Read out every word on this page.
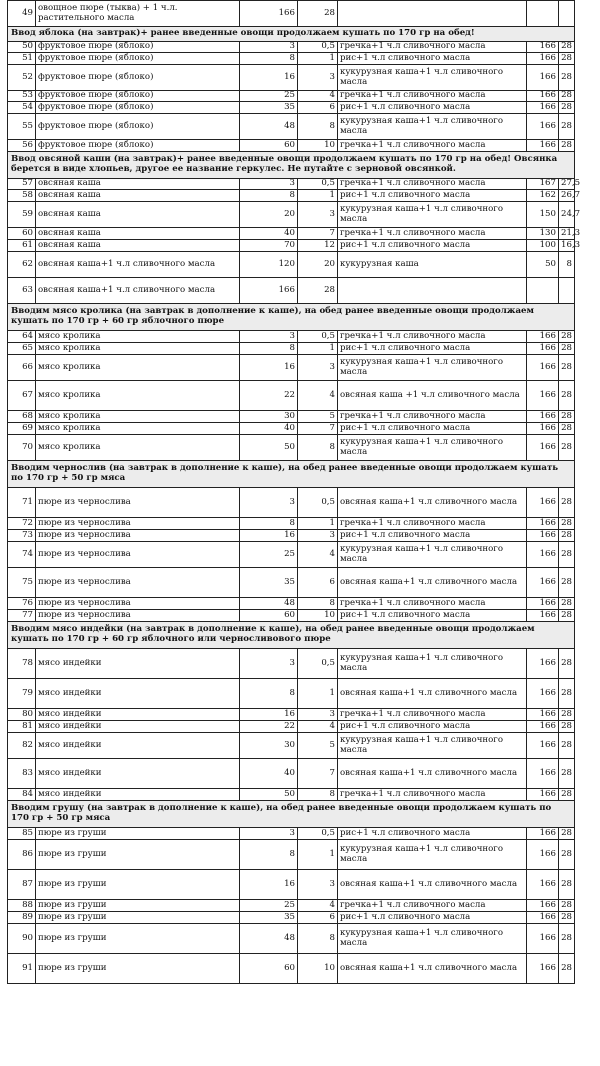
49	овощное пюре (тыква) + 1 ч.л. растительного масла	166	28			
Ввод яблока (на завтрак)+ ранее введенные овощи продолжаем кушать по 170 гр на обед!						
50	фруктовое пюре (яблоко)	3	0,5	гречка+1 ч.л сливочного масла	166	28
51	фруктовое пюре (яблоко)	8	1	рис+1 ч.л сливочного масла	166	28
52	фруктовое пюре (яблоко)	16	3	кукурузная каша+1 ч.л сливочного масла	166	28
53	фруктовое пюре (яблоко)	25	4	гречка+1 ч.л сливочного масла	166	28
54	фруктовое пюре (яблоко)	35	6	рис+1 ч.л сливочного масла	166	28
55	фруктовое пюре (яблоко)	48	8	кукурузная каша+1 ч.л сливочного масла	166	28
56	фруктовое пюре (яблоко)	60	10	гречка+1 ч.л сливочного масла	166	28
Ввод овсяной каши (на завтрак)+ ранее введенные овощи продолжаем кушать по 170 гр на обед! Овсянка берется в виде хлопьев, другое ее название геркулес. Не путайте с зерновой овсянкой.						
57	овсяная каша	3	0,5	гречка+1 ч.л сливочного масла	167	27,5
58	овсяная каша	8	1	рис+1 ч.л сливочного масла	162	26,7
59	овсяная каша	20	3	кукурузная каша+1 ч.л сливочного масла	150	24,7
60	овсяная каша	40	7	гречка+1 ч.л сливочного масла	130	21,3
61	овсяная каша	70	12	рис+1 ч.л сливочного масла	100	16,3
62	овсяная каша+1 ч.л сливочного масла	120	20	кукурузная каша	50	8
63	овсяная каша+1 ч.л сливочного масла	166	28			
Вводим мясо кролика (на завтрак в дополнение к каше), на обед ранее введенные овощи продолжаем кушать по 170 гр + 60 гр яблочного пюре						
64	мясо кролика	3	0,5	гречка+1 ч.л сливочного масла	166	28
65	мясо кролика	8	1	рис+1 ч.л сливочного масла	166	28
66	мясо кролика	16	3	кукурузная каша+1 ч.л сливочного масла	166	28
67	мясо кролика	22	4	овсяная каша +1 ч.л сливочного масла	166	28
68	мясо кролика	30	5	гречка+1 ч.л сливочного масла	166	28
69	мясо кролика	40	7	рис+1 ч.л сливочного масла	166	28
70	мясо кролика	50	8	кукурузная каша+1 ч.л сливочного масла	166	28
Вводим чернослив (на завтрак в дополнение к каше), на обед ранее введенные овощи продолжаем кушать по 170 гр + 50 гр мяса						
71	пюре из чернослива	3	0,5	овсяная каша+1 ч.л сливочного масла	166	28
72	пюре из чернослива	8	1	гречка+1 ч.л сливочного масла	166	28
73	пюре из чернослива	16	3	рис+1 ч.л сливочного масла	166	28
74	пюре из чернослива	25	4	кукурузная каша+1 ч.л сливочного масла	166	28
75	пюре из чернослива	35	6	овсяная каша+1 ч.л сливочного масла	166	28
76	пюре из чернослива	48	8	гречка+1 ч.л сливочного масла	166	28
77	пюре из чернослива	60	10	рис+1 ч.л сливочного масла	166	28
Вводим мясо индейки (на завтрак в дополнение к каше), на обед ранее введенные овощи продолжаем кушать по 170 гр + 60 гр яблочного или черносливового пюре						
78	мясо индейки	3	0,5	кукурузная каша+1 ч.л сливочного масла	166	28
79	мясо индейки	8	1	овсяная каша+1 ч.л сливочного масла	166	28
80	мясо индейки	16	3	гречка+1 ч.л сливочного масла	166	28
81	мясо индейки	22	4	рис+1 ч.л сливочного масла	166	28
82	мясо индейки	30	5	кукурузная каша+1 ч.л сливочного масла	166	28
83	мясо индейки	40	7	овсяная каша+1 ч.л сливочного масла	166	28
84	мясо индейки	50	8	гречка+1 ч.л сливочного масла	166	28
Вводим грушу (на завтрак в дополнение к каше), на обед ранее введенные овощи продолжаем кушать по 170 гр + 50 гр мяса						
85	пюре из груши	3	0,5	рис+1 ч.л сливочного масла	166	28
86	пюре из груши	8	1	кукурузная каша+1 ч.л сливочного масла	166	28
87	пюре из груши	16	3	овсяная каша+1 ч.л сливочного масла	166	28
88	пюре из груши	25	4	гречка+1 ч.л сливочного масла	166	28
89	пюре из груши	35	6	рис+1 ч.л сливочного масла	166	28
90	пюре из груши	48	8	кукурузная каша+1 ч.л сливочного масла	166	28
91	пюре из груши	60	10	овсяная каша+1 ч.л сливочного масла	166	28
